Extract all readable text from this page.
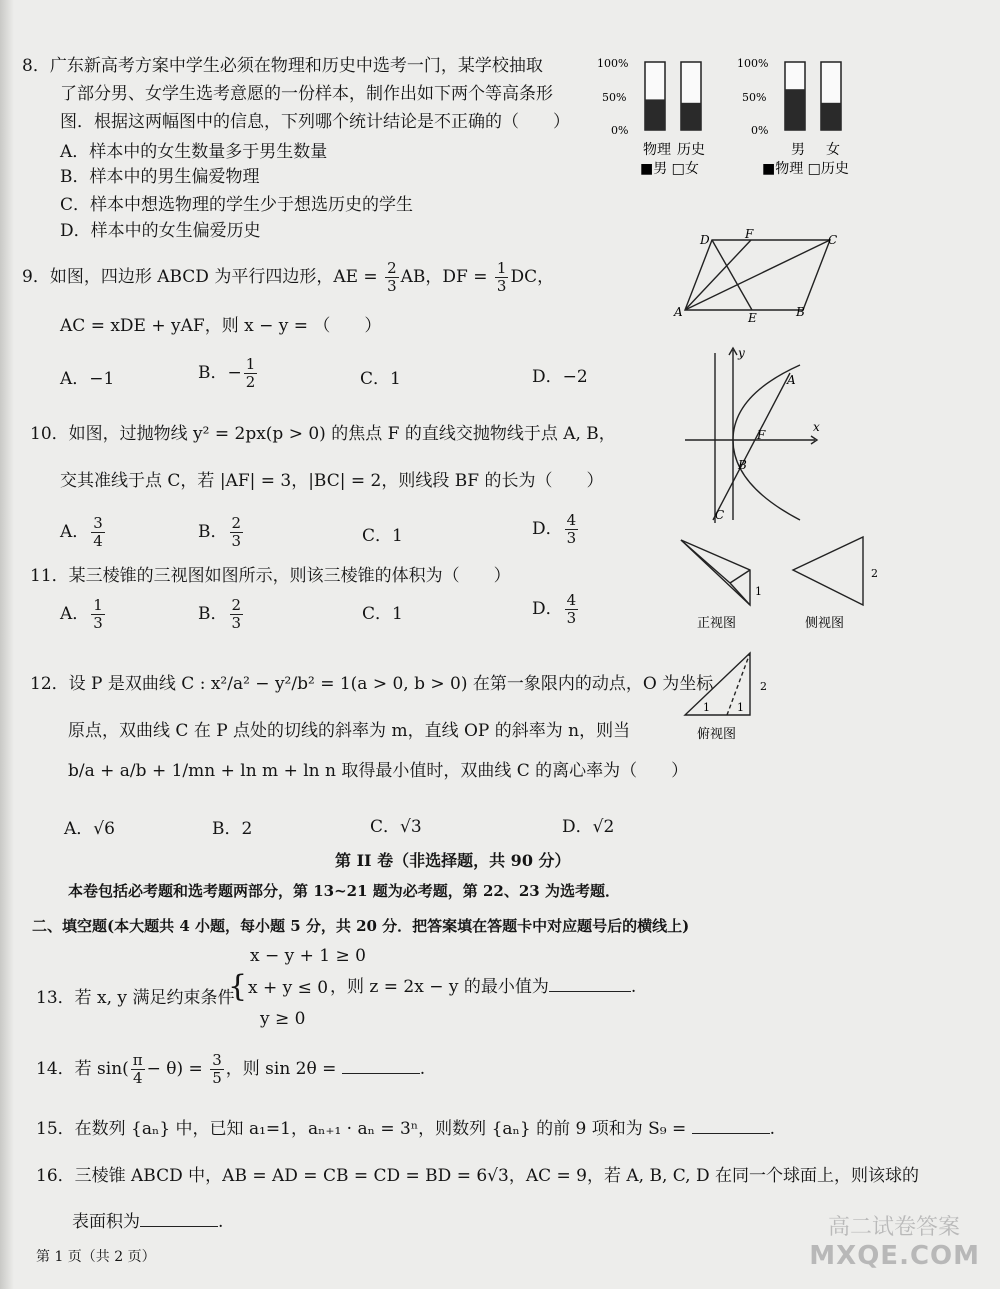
8．广东新高考方案中学生必须在物理和历史中选考一门，某学校抽取
了部分男、女学生选考意愿的一份样本，制作出如下两个等高条形
图．根据这两幅图中的信息，下列哪个统计结论是不正确的（　　）
A．样本中的女生数量多于男生数量
B．样本中的男生偏爱物理
C．样本中想选物理的学生少于想选历史的学生
D．样本中的女生偏爱历史
100%
50%
0%
100%
50%
0%
物理 历史
■男 □女
男 女
■物理 □历史
9．如图，四边形 ABCD 为平行四边形，AE = $\frac{2}{3}$ AB，DF = $\frac{1}{3}$ DC，
AC = xDE + yAF，则 x − y = （　　）
A．−1	B．− $\frac{1}{2}$	C．1	D．−2
D	F	C
A	E	B
10．如图，过抛物线 y² = 2px(p > 0) 的焦点 F 的直线交抛物线于点 A, B，
交其准线于点 C，若 |AF| = 3，|BC| = 2，则线段 BF 的长为（　　）
A． $\frac{3}{4}$	B． $\frac{2}{3}$	C．1	D． $\frac{4}{3}$
y
x
A
F
B
C
11．某三棱锥的三视图如图所示，则该三棱锥的体积为（　　）
A． $\frac{1}{3}$	B． $\frac{2}{3}$	C．1	D． $\frac{4}{3}$
1
2
正视图	侧视图
1 1
2
俯视图
12．设 P 是双曲线 C : x²/a² − y²/b² = 1(a > 0, b > 0) 在第一象限内的动点，O 为坐标
原点，双曲线 C 在 P 点处的切线的斜率为 m，直线 OP 的斜率为 n，则当
b/a + a/b + 1/mn + ln m + ln n 取得最小值时，双曲线 C 的离心率为（　　）
A．√6	B．2	C．√3	D．√2
第 II 卷（非选择题，共 90 分）
本卷包括必考题和选考题两部分，第 13~21 题为必考题，第 22、23 为选考题．
二、填空题(本大题共 4 小题，每小题 5 分，共 20 分．把答案填在答题卡中对应题号后的横线上)
13．若 x, y 满足约束条件
{
x − y + 1 ≥ 0
x + y ≤ 0
y ≥ 0
，则 z = 2x − y 的最小值为	.
14．若 $\sin( \frac{\pi}{4} - \theta) = \frac{3}{5}$ ，则 sin 2θ =	.
15．在数列 {aₙ} 中，已知 a₁=1，aₙ₊₁ · aₙ = 3ⁿ，则数列 {aₙ} 的前 9 项和为 S₉ =	.
16．三棱锥 ABCD 中，AB = AD = CB = CD = BD = 6√3，AC = 9，若 A, B, C, D 在同一个球面上，则该球的
表面积为	.
第 1 页（共 2 页）
高二试卷答案
MXQE.COM
